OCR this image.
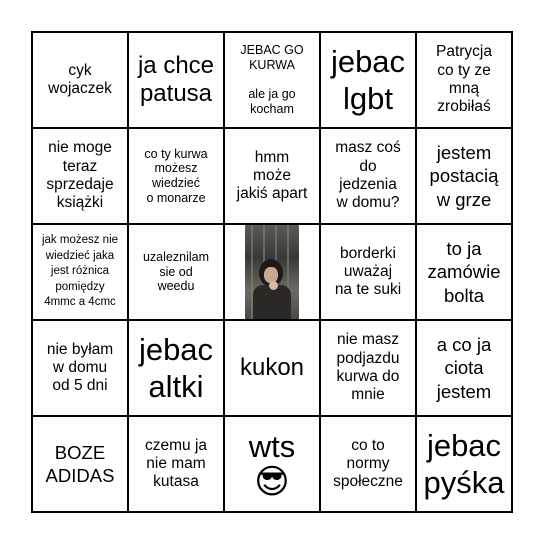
cyk
wojaczek
ja chce
patusa
JEBAC GO
KURWA

ale ja go
kocham
jebac
lgbt
Patrycja
co ty ze
mną
zrobiłaś
nie moge
teraz
sprzedaje
książki
co ty kurwa
możesz
wiedzieć
o monarze
hmm
może
jakiś apart
masz coś
do
jedzenia
w domu?
jestem
postacią
w grze
jak możesz nie
wiedzieć jaka
jest różnica
pomiędzy
4mmc a 4cmc
uzaleznilam
sie od
weedu
borderki
uważaj
na te suki
to ja
zamówie
bolta
nie byłam
w domu
od 5 dni
jebac
altki
kukon
nie masz
podjazdu
kurwa do
mnie
a co ja
ciota
jestem
BOZE
ADIDAS
czemu ja
nie mam
kutasa
wts
😎
co to
normy
społeczne
jebac
pyśka
